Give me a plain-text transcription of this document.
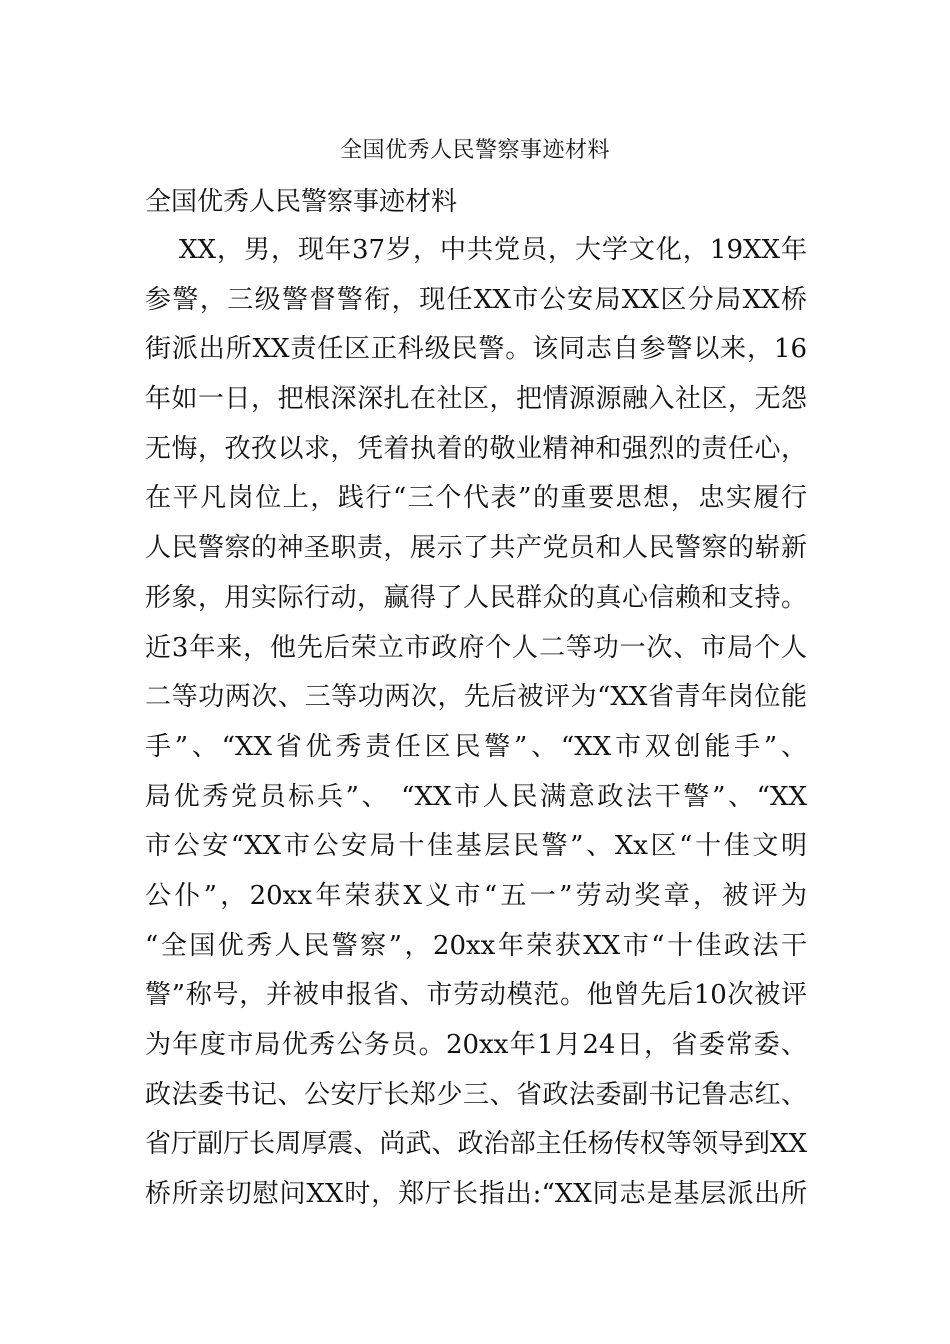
全国优秀人民警察事迹材料

全国优秀人民警察事迹材料

XX，男，现年37岁，中共党员，大学文化，19XX年
参警，三级警督警衔，现任XX市公安局XX区分局XX桥
街派出所XX责任区正科级民警。该同志自参警以来，16
年如一日，把根深深扎在社区，把情源源融入社区，无怨
无悔，孜孜以求，凭着执着的敬业精神和强烈的责任心，
在平凡岗位上，践行“三个代表”的重要思想，忠实履行
人民警察的神圣职责，展示了共产党员和人民警察的崭新
形象，用实际行动，赢得了人民群众的真心信赖和支持。
近3年来，他先后荣立市政府个人二等功一次、市局个人
二等功两次、三等功两次，先后被评为“XX省青年岗位能
手”、“XX省优秀责任区民警”、“XX市双创能手”、
局优秀党员标兵”、 “XX市人民满意政法干警”、“XX
市公安“XX市公安局十佳基层民警”、Xx区“十佳文明
公仆”，20xx年荣获X义市“五一”劳动奖章，被评为
“全国优秀人民警察”，20xx年荣获XX市“十佳政法干
警”称号，并被申报省、市劳动模范。他曾先后10次被评
为年度市局优秀公务员。20xx年1月24日，省委常委、
政法委书记、公安厅长郑少三、省政法委副书记鲁志红、
省厅副厅长周厚震、尚武、政治部主任杨传权等领导到XX
桥所亲切慰问XX时，郑厅长指出:“XX同志是基层派出所
